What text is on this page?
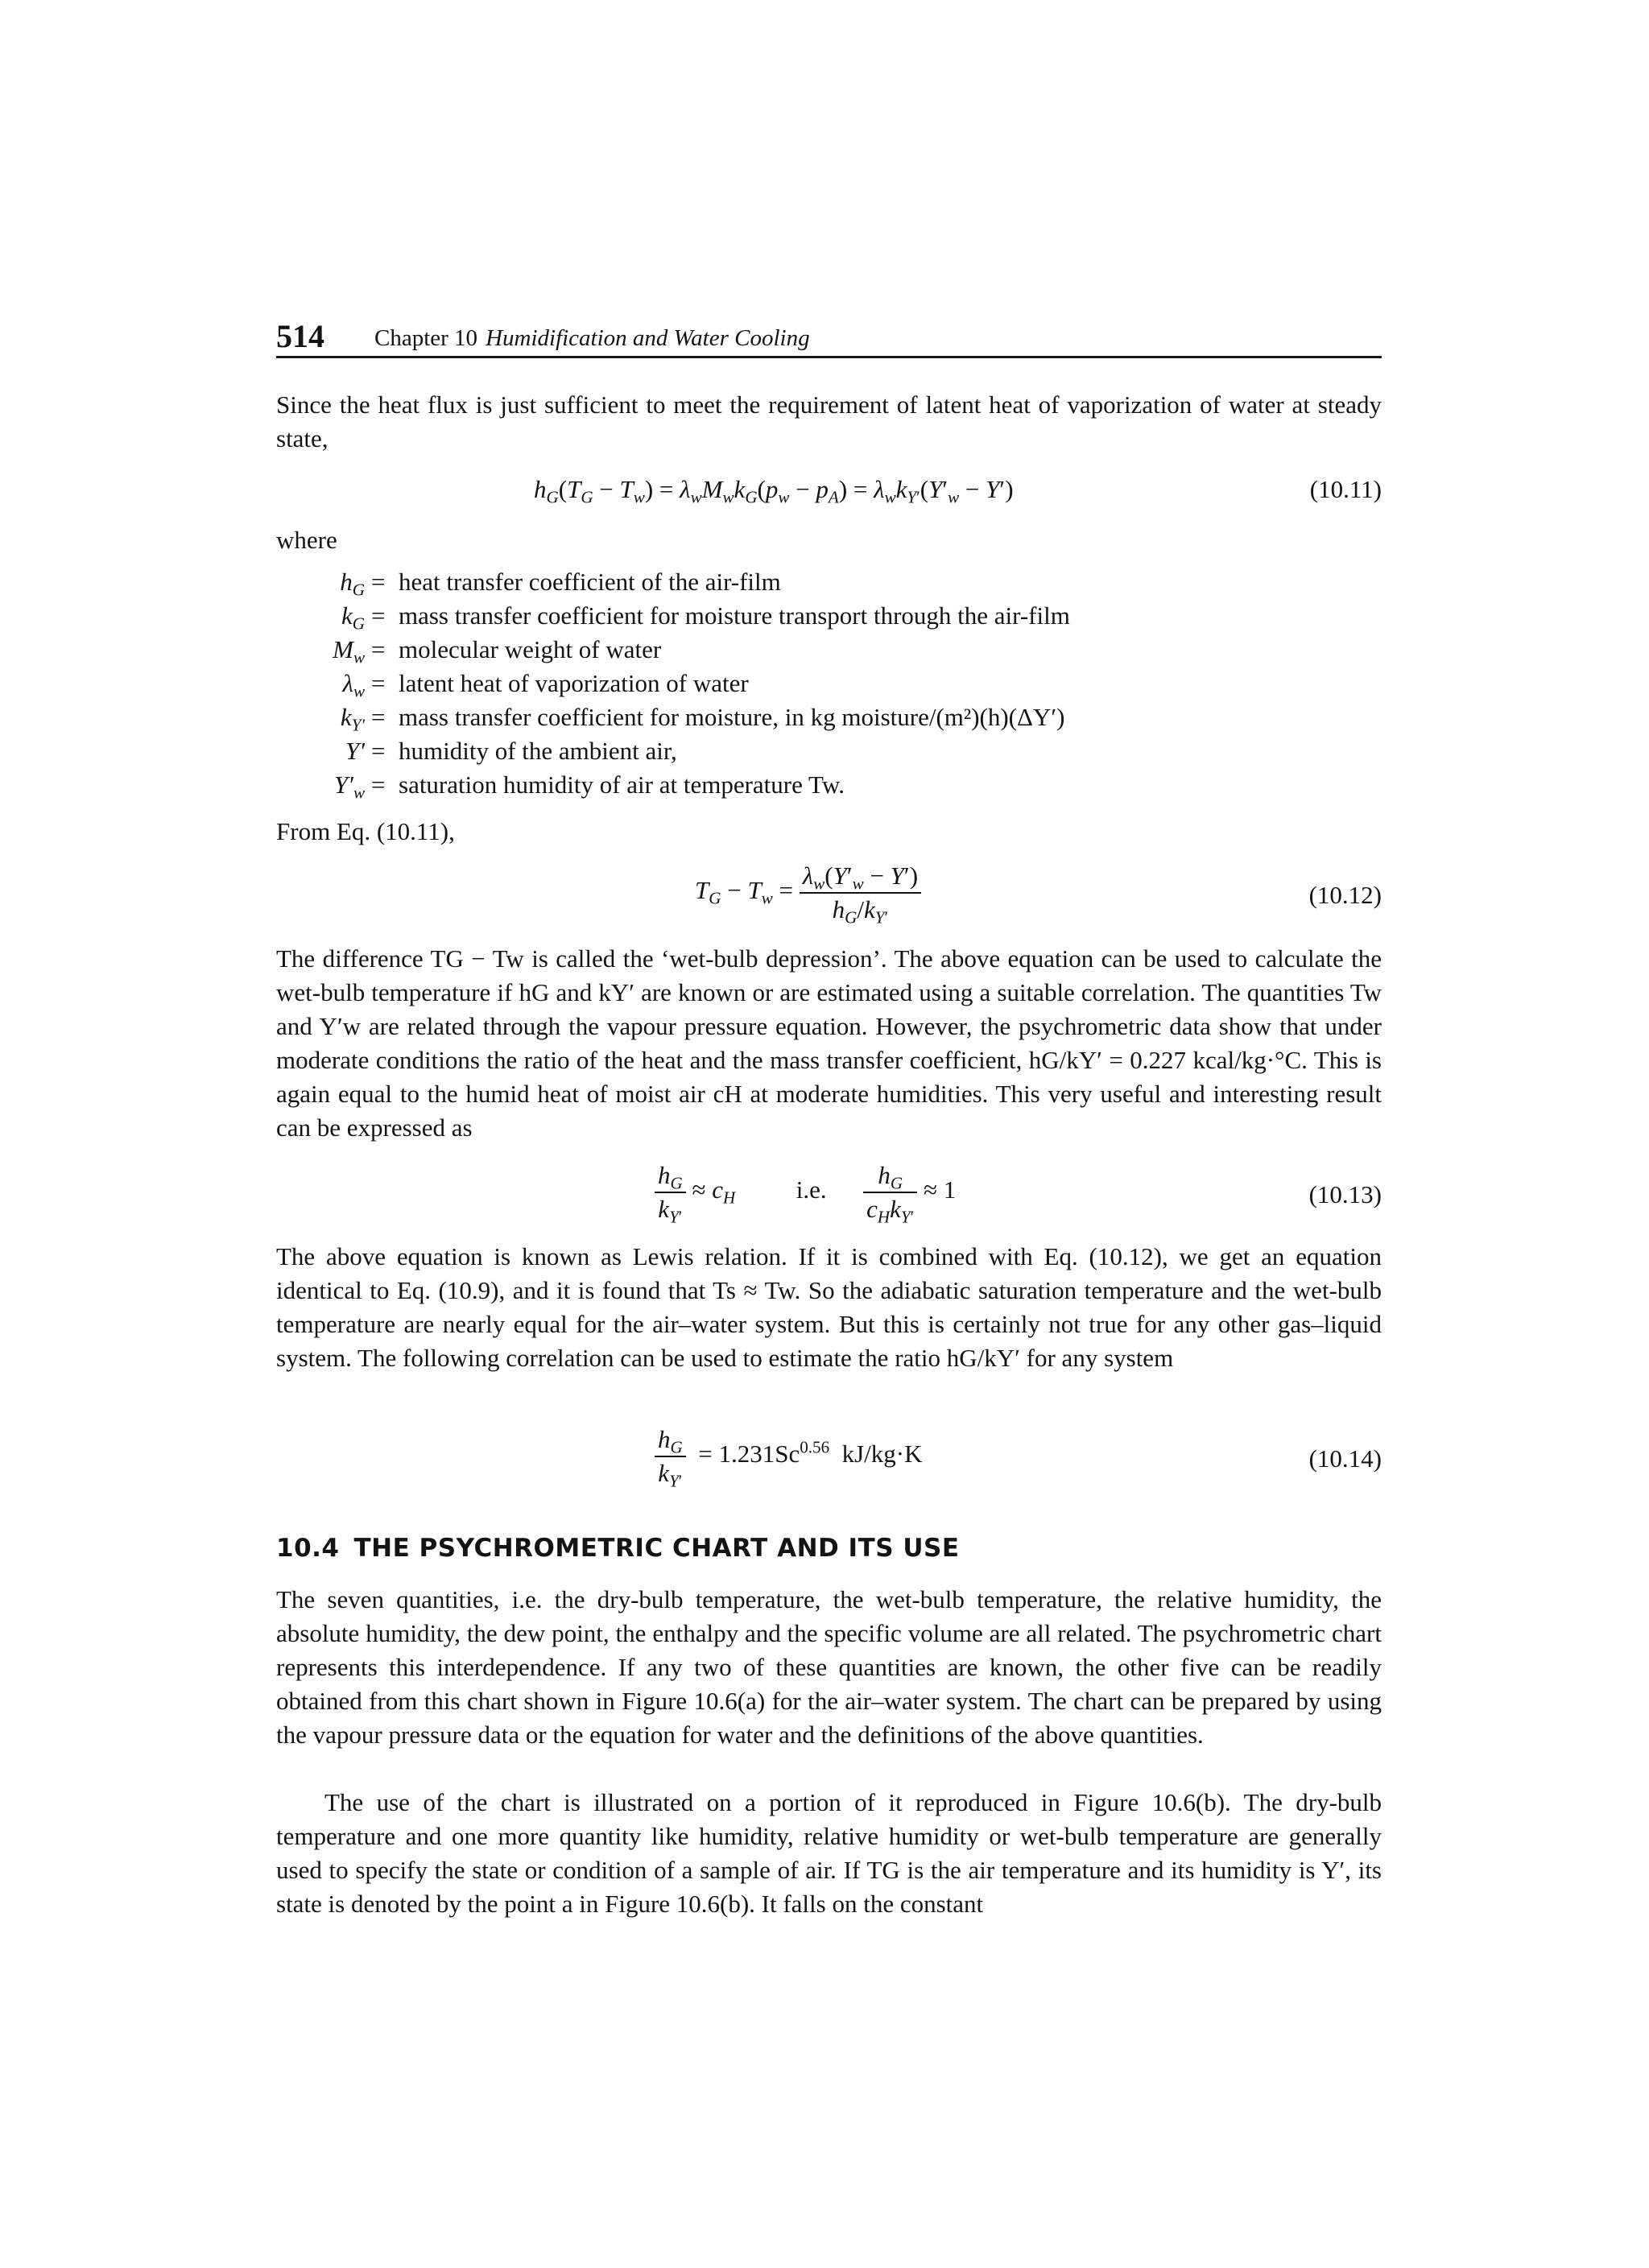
514 Chapter 10 Humidification and Water Cooling
Since the heat flux is just sufficient to meet the requirement of latent heat of vaporization of water at steady state,
$h_G(T_G - T_w) = \lambda_wM_wk_G(p_w - p_A) = \lambda_wk_{Y'}(Y'_w - Y')$	(10.11)
where
$h_G$ = heat transfer coefficient of the air-film
$k_G$ = mass transfer coefficient for moisture transport through the air-film
$M_w$ = molecular weight of water
$\lambda_w$ = latent heat of vaporization of water
$k_{Y'}$ = mass transfer coefficient for moisture, in kg moisture/(m²)(h)(ΔY′)
Y′ = humidity of the ambient air,
$Y'_w$ = saturation humidity of air at temperature Tw.
From Eq. (10.11),
$T_G - T_w = \frac{\lambda_w(Y'_w - Y')}{h_G/k_{Y'}}$	(10.12)
The difference TG − Tw is called the ‘wet-bulb depression’. The above equation can be used to calculate the wet-bulb temperature if hG and kY′ are known or are estimated using a suitable correlation. The quantities Tw and Y′w are related through the vapour pressure equation. However, the psychrometric data show that under moderate conditions the ratio of the heat and the mass transfer coefficient, hG/kY′ = 0.227 kcal/kg·°C. This is again equal to the humid heat of moist air cH at moderate humidities. This very useful and interesting result can be expressed as
$\frac{h_G}{k_{Y'}} \approx c_H$ i.e. $\frac{h_G}{c_Hk_{Y'}} \approx 1$	(10.13)
The above equation is known as Lewis relation. If it is combined with Eq. (10.12), we get an equation identical to Eq. (10.9), and it is found that Ts ≈ Tw. So the adiabatic saturation temperature and the wet-bulb temperature are nearly equal for the air–water system. But this is certainly not true for any other gas–liquid system. The following correlation can be used to estimate the ratio hG/kY′ for any system
$\frac{h_G}{k_{Y'}} = 1.231Sc^{0.56}$ kJ/kg·K	(10.14)
10.4 THE PSYCHROMETRIC CHART AND ITS USE
The seven quantities, i.e. the dry-bulb temperature, the wet-bulb temperature, the relative humidity, the absolute humidity, the dew point, the enthalpy and the specific volume are all related. The psychrometric chart represents this interdependence. If any two of these quantities are known, the other five can be readily obtained from this chart shown in Figure 10.6(a) for the air–water system. The chart can be prepared by using the vapour pressure data or the equation for water and the definitions of the above quantities.
The use of the chart is illustrated on a portion of it reproduced in Figure 10.6(b). The dry-bulb temperature and one more quantity like humidity, relative humidity or wet-bulb temperature are generally used to specify the state or condition of a sample of air. If TG is the air temperature and its humidity is Y′, its state is denoted by the point a in Figure 10.6(b). It falls on the constant
